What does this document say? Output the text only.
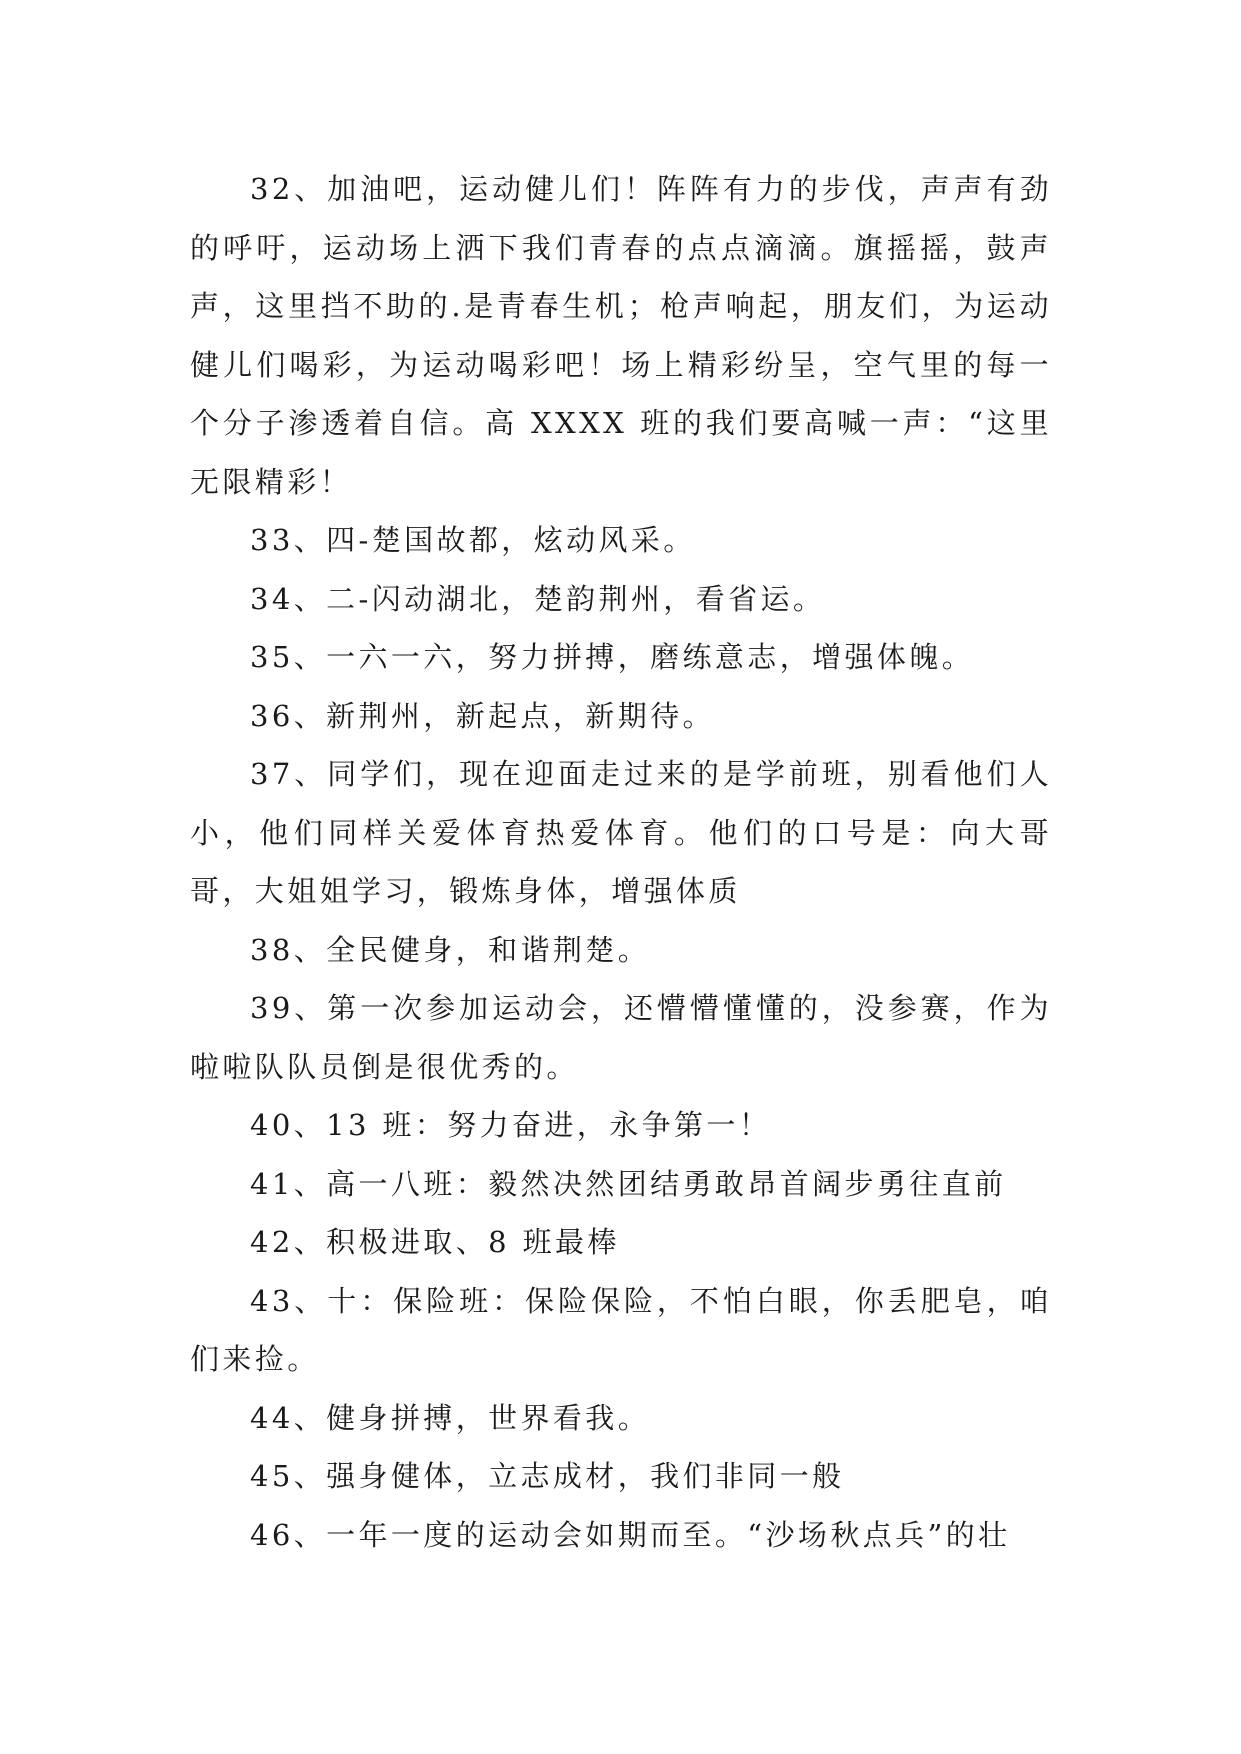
32、加油吧，运动健儿们！阵阵有力的步伐，声声有劲的呼吁，运动场上洒下我们青春的点点滴滴。旗摇摇，鼓声声，这里挡不助的.是青春生机；枪声响起，朋友们，为运动健儿们喝彩，为运动喝彩吧！场上精彩纷呈，空气里的每一个分子渗透着自信。高 XXXX 班的我们要高喊一声：“这里无限精彩！

33、四-楚国故都，炫动风采。

34、二-闪动湖北，楚韵荆州，看省运。

35、一六一六，努力拼搏，磨练意志，增强体魄。

36、新荆州，新起点，新期待。

37、同学们，现在迎面走过来的是学前班，别看他们人小，他们同样关爱体育热爱体育。他们的口号是：向大哥哥，大姐姐学习，锻炼身体，增强体质

38、全民健身，和谐荆楚。

39、第一次参加运动会，还懵懵懂懂的，没参赛，作为啦啦队队员倒是很优秀的。

40、13 班：努力奋进，永争第一！

41、高一八班：毅然决然团结勇敢昂首阔步勇往直前

42、积极进取、8 班最棒

43、十：保险班：保险保险，不怕白眼，你丢肥皂，咱们来捡。

44、健身拼搏，世界看我。

45、强身健体，立志成材，我们非同一般

46、一年一度的运动会如期而至。“沙场秋点兵”的壮
